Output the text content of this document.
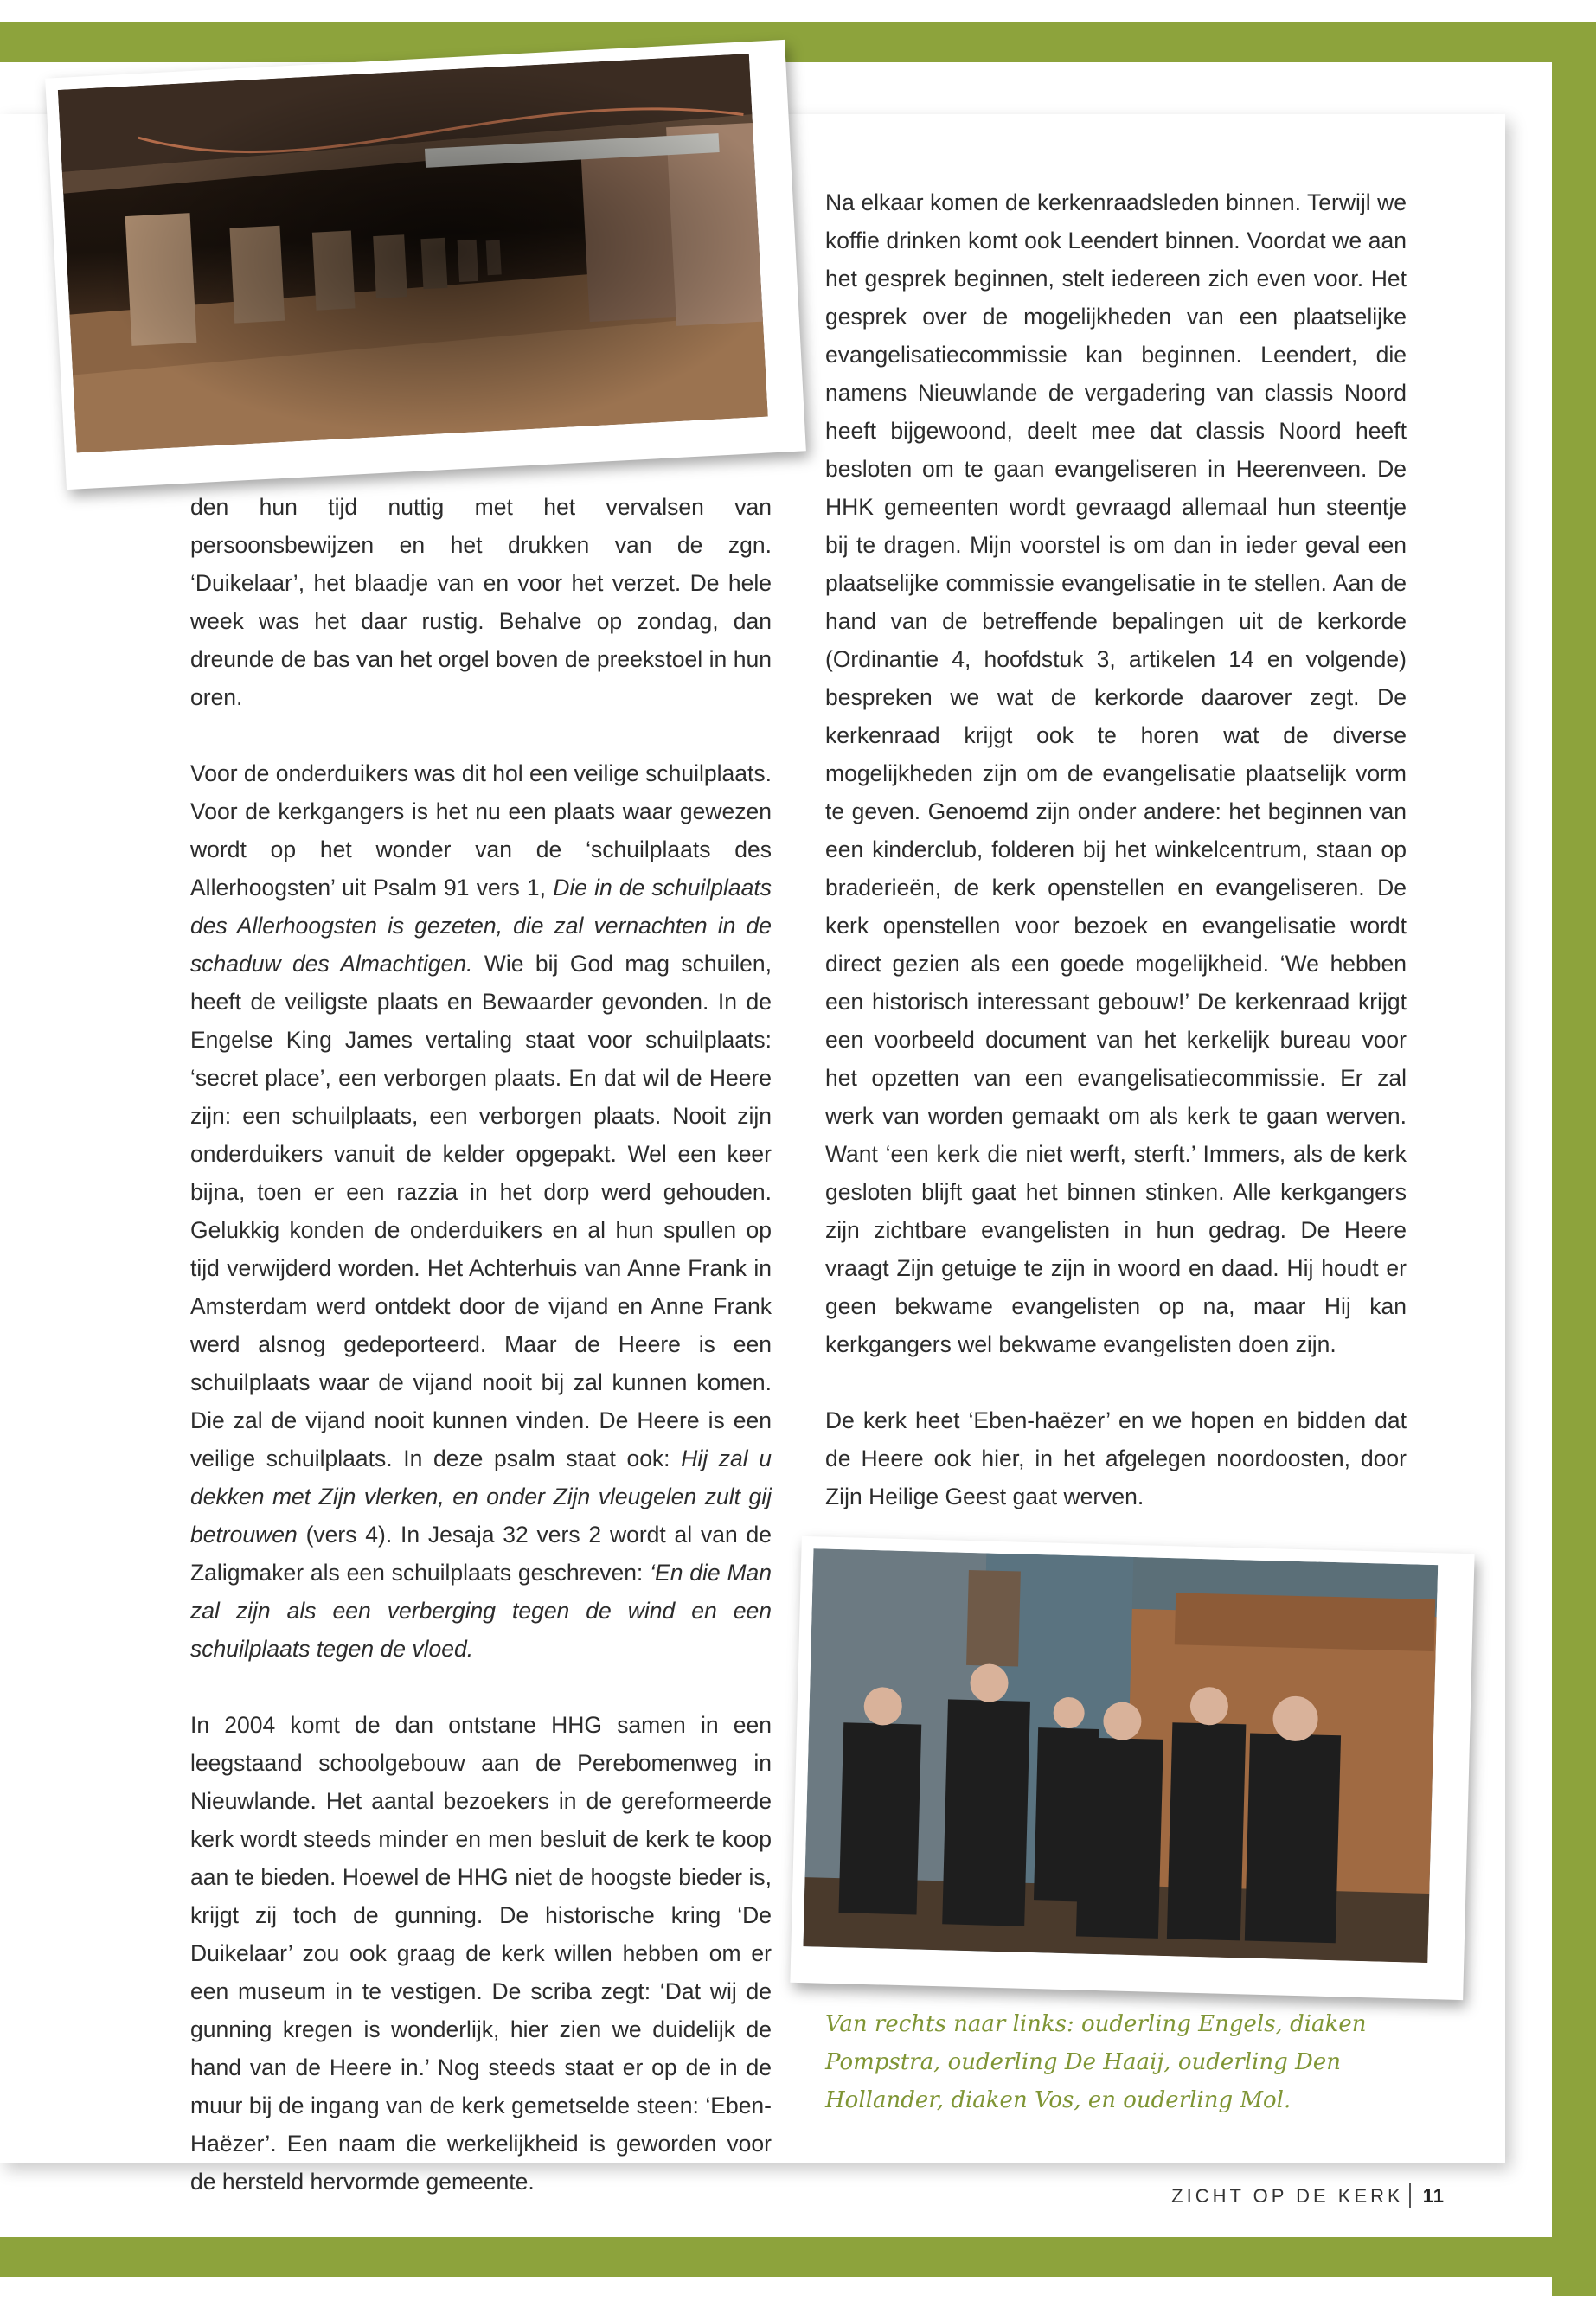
den hun tijd nuttig met het vervalsen van persoonsbewijzen en het drukken van de zgn. ‘Duikelaar’, het blaadje van en voor het verzet. De hele week was het daar rustig. Behalve op zondag, dan dreunde de bas van het orgel boven de preekstoel in hun oren.

Voor de onderduikers was dit hol een veilige schuilplaats. Voor de kerkgangers is het nu een plaats waar gewezen wordt op het wonder van de ‘schuilplaats des Allerhoogsten’ uit Psalm 91 vers 1, Die in de schuilplaats des Allerhoogsten is gezeten, die zal vernachten in de schaduw des Almachtigen. Wie bij God mag schuilen, heeft de veiligste plaats en Bewaarder gevonden. In de Engelse King James vertaling staat voor schuilplaats: ‘secret place’, een verborgen plaats. En dat wil de Heere zijn: een schuilplaats, een verborgen plaats. Nooit zijn onderduikers vanuit de kelder opgepakt. Wel een keer bijna, toen er een razzia in het dorp werd gehouden. Gelukkig konden de onderduikers en al hun spullen op tijd verwijderd worden. Het Achterhuis van Anne Frank in Amsterdam werd ontdekt door de vijand en Anne Frank werd alsnog gedeporteerd. Maar de Heere is een schuilplaats waar de vijand nooit bij zal kunnen komen. Die zal de vijand nooit kunnen vinden. De Heere is een veilige schuilplaats. In deze psalm staat ook: Hij zal u dekken met Zijn vlerken, en onder Zijn vleugelen zult gij betrouwen (vers 4). In Jesaja 32 vers 2 wordt al van de Zaligmaker als een schuilplaats geschreven: ‘En die Man zal zijn als een verberging tegen de wind en een schuilplaats tegen de vloed.

In 2004 komt de dan ontstane HHG samen in een leegstaand schoolgebouw aan de Perebomenweg in Nieuwlande. Het aantal bezoekers in de gereformeerde kerk wordt steeds minder en men besluit de kerk te koop aan te bieden. Hoewel de HHG niet de hoogste bieder is, krijgt zij toch de gunning. De historische kring ‘De Duikelaar’ zou ook graag de kerk willen hebben om er een museum in te vestigen. De scriba zegt: ‘Dat wij de gunning kregen is wonderlijk, hier zien we duidelijk de hand van de Heere in.’ Nog steeds staat er op de in de muur bij de ingang van de kerk gemetselde steen: ‘Eben-Haëzer’. Een naam die werkelijkheid is geworden voor de hersteld hervormde gemeente.

Na elkaar komen de kerkenraadsleden binnen. Terwijl we koffie drinken komt ook Leendert binnen. Voordat we aan het gesprek beginnen, stelt iedereen zich even voor. Het gesprek over de mogelijkheden van een plaatselijke evangelisatiecommissie kan beginnen. Leendert, die namens Nieuwlande de vergadering van classis Noord heeft bijgewoond, deelt mee dat classis Noord heeft besloten om te gaan evangeliseren in Heerenveen. De HHK gemeenten wordt gevraagd allemaal hun steentje bij te dragen. Mijn voorstel is om dan in ieder geval een plaatselijke commissie evangelisatie in te stellen. Aan de hand van de betreffende bepalingen uit de kerkorde (Ordinantie 4, hoofdstuk 3, artikelen 14 en volgende) bespreken we wat de kerkorde daarover zegt. De kerkenraad krijgt ook te horen wat de diverse mogelijkheden zijn om de evangelisatie plaatselijk vorm te geven. Genoemd zijn onder andere: het beginnen van een kinderclub, folderen bij het winkelcentrum, staan op braderieën, de kerk openstellen en evangeliseren. De kerk openstellen voor bezoek en evangelisatie wordt direct gezien als een goede mogelijkheid. ‘We hebben een historisch interessant gebouw!’ De kerkenraad krijgt een voorbeeld document van het kerkelijk bureau voor het opzetten van een evangelisatiecommissie. Er zal werk van worden gemaakt om als kerk te gaan werven. Want ‘een kerk die niet werft, sterft.’ Immers, als de kerk gesloten blijft gaat het binnen stinken. Alle kerkgangers zijn zichtbare evangelisten in hun gedrag. De Heere vraagt Zijn getuige te zijn in woord en daad. Hij houdt er geen bekwame evangelisten op na, maar Hij kan kerkgangers wel bekwame evangelisten doen zijn.

De kerk heet ‘Eben-haëzer’ en we hopen en bidden dat de Heere ook hier, in het afgelegen noordoosten, door Zijn Heilige Geest gaat werven.

Van rechts naar links: ouderling Engels, diaken Pompstra, ouderling De Haaij, ouderling Den Hollander, diaken Vos, en ouderling Mol.
ZICHT OP DE KERK 11
